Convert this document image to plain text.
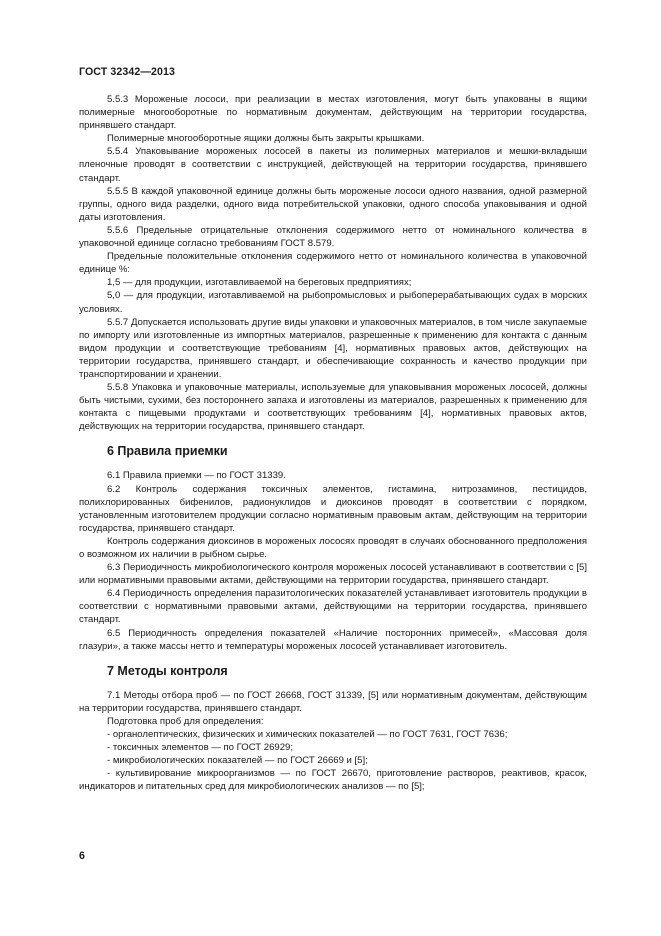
ГОСТ 32342—2013

5.5.3 Мороженые лососи, при реализации в местах изготовления, могут быть упакованы в ящики полимерные многооборотные по нормативным документам, действующим на территории государства, принявшего стандарт.

Полимерные многооборотные ящики должны быть закрыты крышками.

5.5.4 Упаковывание мороженых лососей в пакеты из полимерных материалов и мешки-вкладыши пленочные проводят в соответствии с инструкцией, действующей на территории государства, принявшего стандарт.

5.5.5 В каждой упаковочной единице должны быть мороженые лососи одного названия, одной размерной группы, одного вида разделки, одного вида потребительской упаковки, одного способа упаковывания и одной даты изготовления.

5.5.6 Предельные отрицательные отклонения содержимого нетто от номинального количества в упаковочной единице согласно требованиям ГОСТ 8.579.

Предельные положительные отклонения содержимого нетто от номинального количества в упаковочной единице %:

1,5 — для продукции, изготавливаемой на береговых предприятиях;

5,0 — для продукции, изготавливаемой на рыбопромысловых и рыбоперерабатывающих судах в морских условиях.

5.5.7 Допускается использовать другие виды упаковки и упаковочных материалов, в том числе закупаемые по импорту или изготовленные из импортных материалов, разрешенные к применению для контакта с данным видом продукции и соответствующие требованиям [4], нормативных правовых актов, действующих на территории государства, принявшего стандарт, и обеспечивающие сохранность и качество продукции при транспортировании и хранении.

5.5.8 Упаковка и упаковочные материалы, используемые для упаковывания мороженых лососей, должны быть чистыми, сухими, без постороннего запаха и изготовлены из материалов, разрешенных к применению для контакта с пищевыми продуктами и соответствующих требованиям [4], нормативных правовых актов, действующих на территории государства, принявшего стандарт.

6 Правила приемки

6.1 Правила приемки — по ГОСТ 31339.

6.2 Контроль содержания токсичных элементов, гистамина, нитрозаминов, пестицидов, полихлорированных бифенилов, радионуклидов и диоксинов проводят в соответствии с порядком, установленным изготовителем продукции согласно нормативным правовым актам, действующим на территории государства, принявшего стандарт.

Контроль содержания диоксинов в мороженых лососях проводят в случаях обоснованного предположения о возможном их наличии в рыбном сырье.

6.3 Периодичность микробиологического контроля мороженых лососей устанавливают в соответствии с [5] или нормативными правовыми актами, действующими на территории государства, принявшего стандарт.

6.4 Периодичность определения паразитологических показателей устанавливает изготовитель продукции в соответствии с нормативными правовыми актами, действующими на территории государства, принявшего стандарт.

6.5 Периодичность определения показателей «Наличие посторонних примесей», «Массовая доля глазури», а также массы нетто и температуры мороженых лососей устанавливает изготовитель.

7 Методы контроля

7.1 Методы отбора проб — по ГОСТ 26668, ГОСТ 31339, [5] или нормативным документам, действующим на территории государства, принявшего стандарт.

Подготовка проб для определения:

- органолептических, физических и химических показателей — по ГОСТ 7631, ГОСТ 7636;

- токсичных элементов — по ГОСТ 26929;

- микробиологических показателей — по ГОСТ 26669 и [5];

- культивирование микроорганизмов — по ГОСТ 26670, приготовление растворов, реактивов, красок, индикаторов и питательных сред для микробиологических анализов — по [5];

6
